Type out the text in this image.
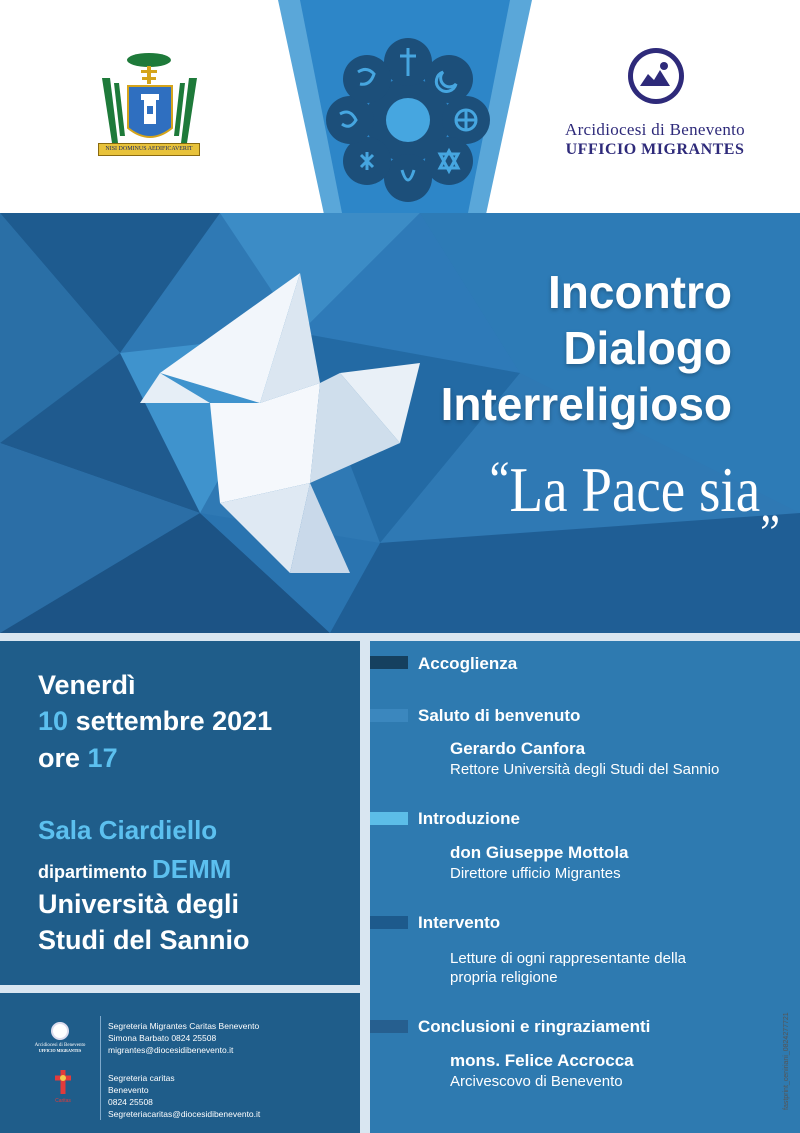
NISI DOMINUS AEDIFICAVERIT
Arcidiocesi di Benevento
UFFICIO MIGRANTES
Incontro
Dialogo
Interreligioso
“La Pace sia„
Venerdì
10 settembre 2021
ore 17
Sala Ciardiello
dipartimento DEMM
Università degli
Studi del Sannio
Arcidiocesi di Benevento
UFFICIO MIGRANTES
Caritas
Segreteria Migrantes Caritas Benevento
Simona Barbato 0824 25508
migrantes@diocesidibenevento.it
Segreteria caritas
Benevento
0824 25508
Segreteriacaritas@diocesidibenevento.it
Accoglienza
Saluto di benvenuto
Gerardo Canfora
Rettore Università degli Studi del Sannio
Introduzione
don Giuseppe Mottola
Direttore ufficio Migrantes
Intervento
Letture di ogni rappresentante della
propria religione
Conclusioni e ringraziamenti
mons. Felice Accrocca
Arcivescovo di Benevento	fastprint_ceniriani_0824277721
